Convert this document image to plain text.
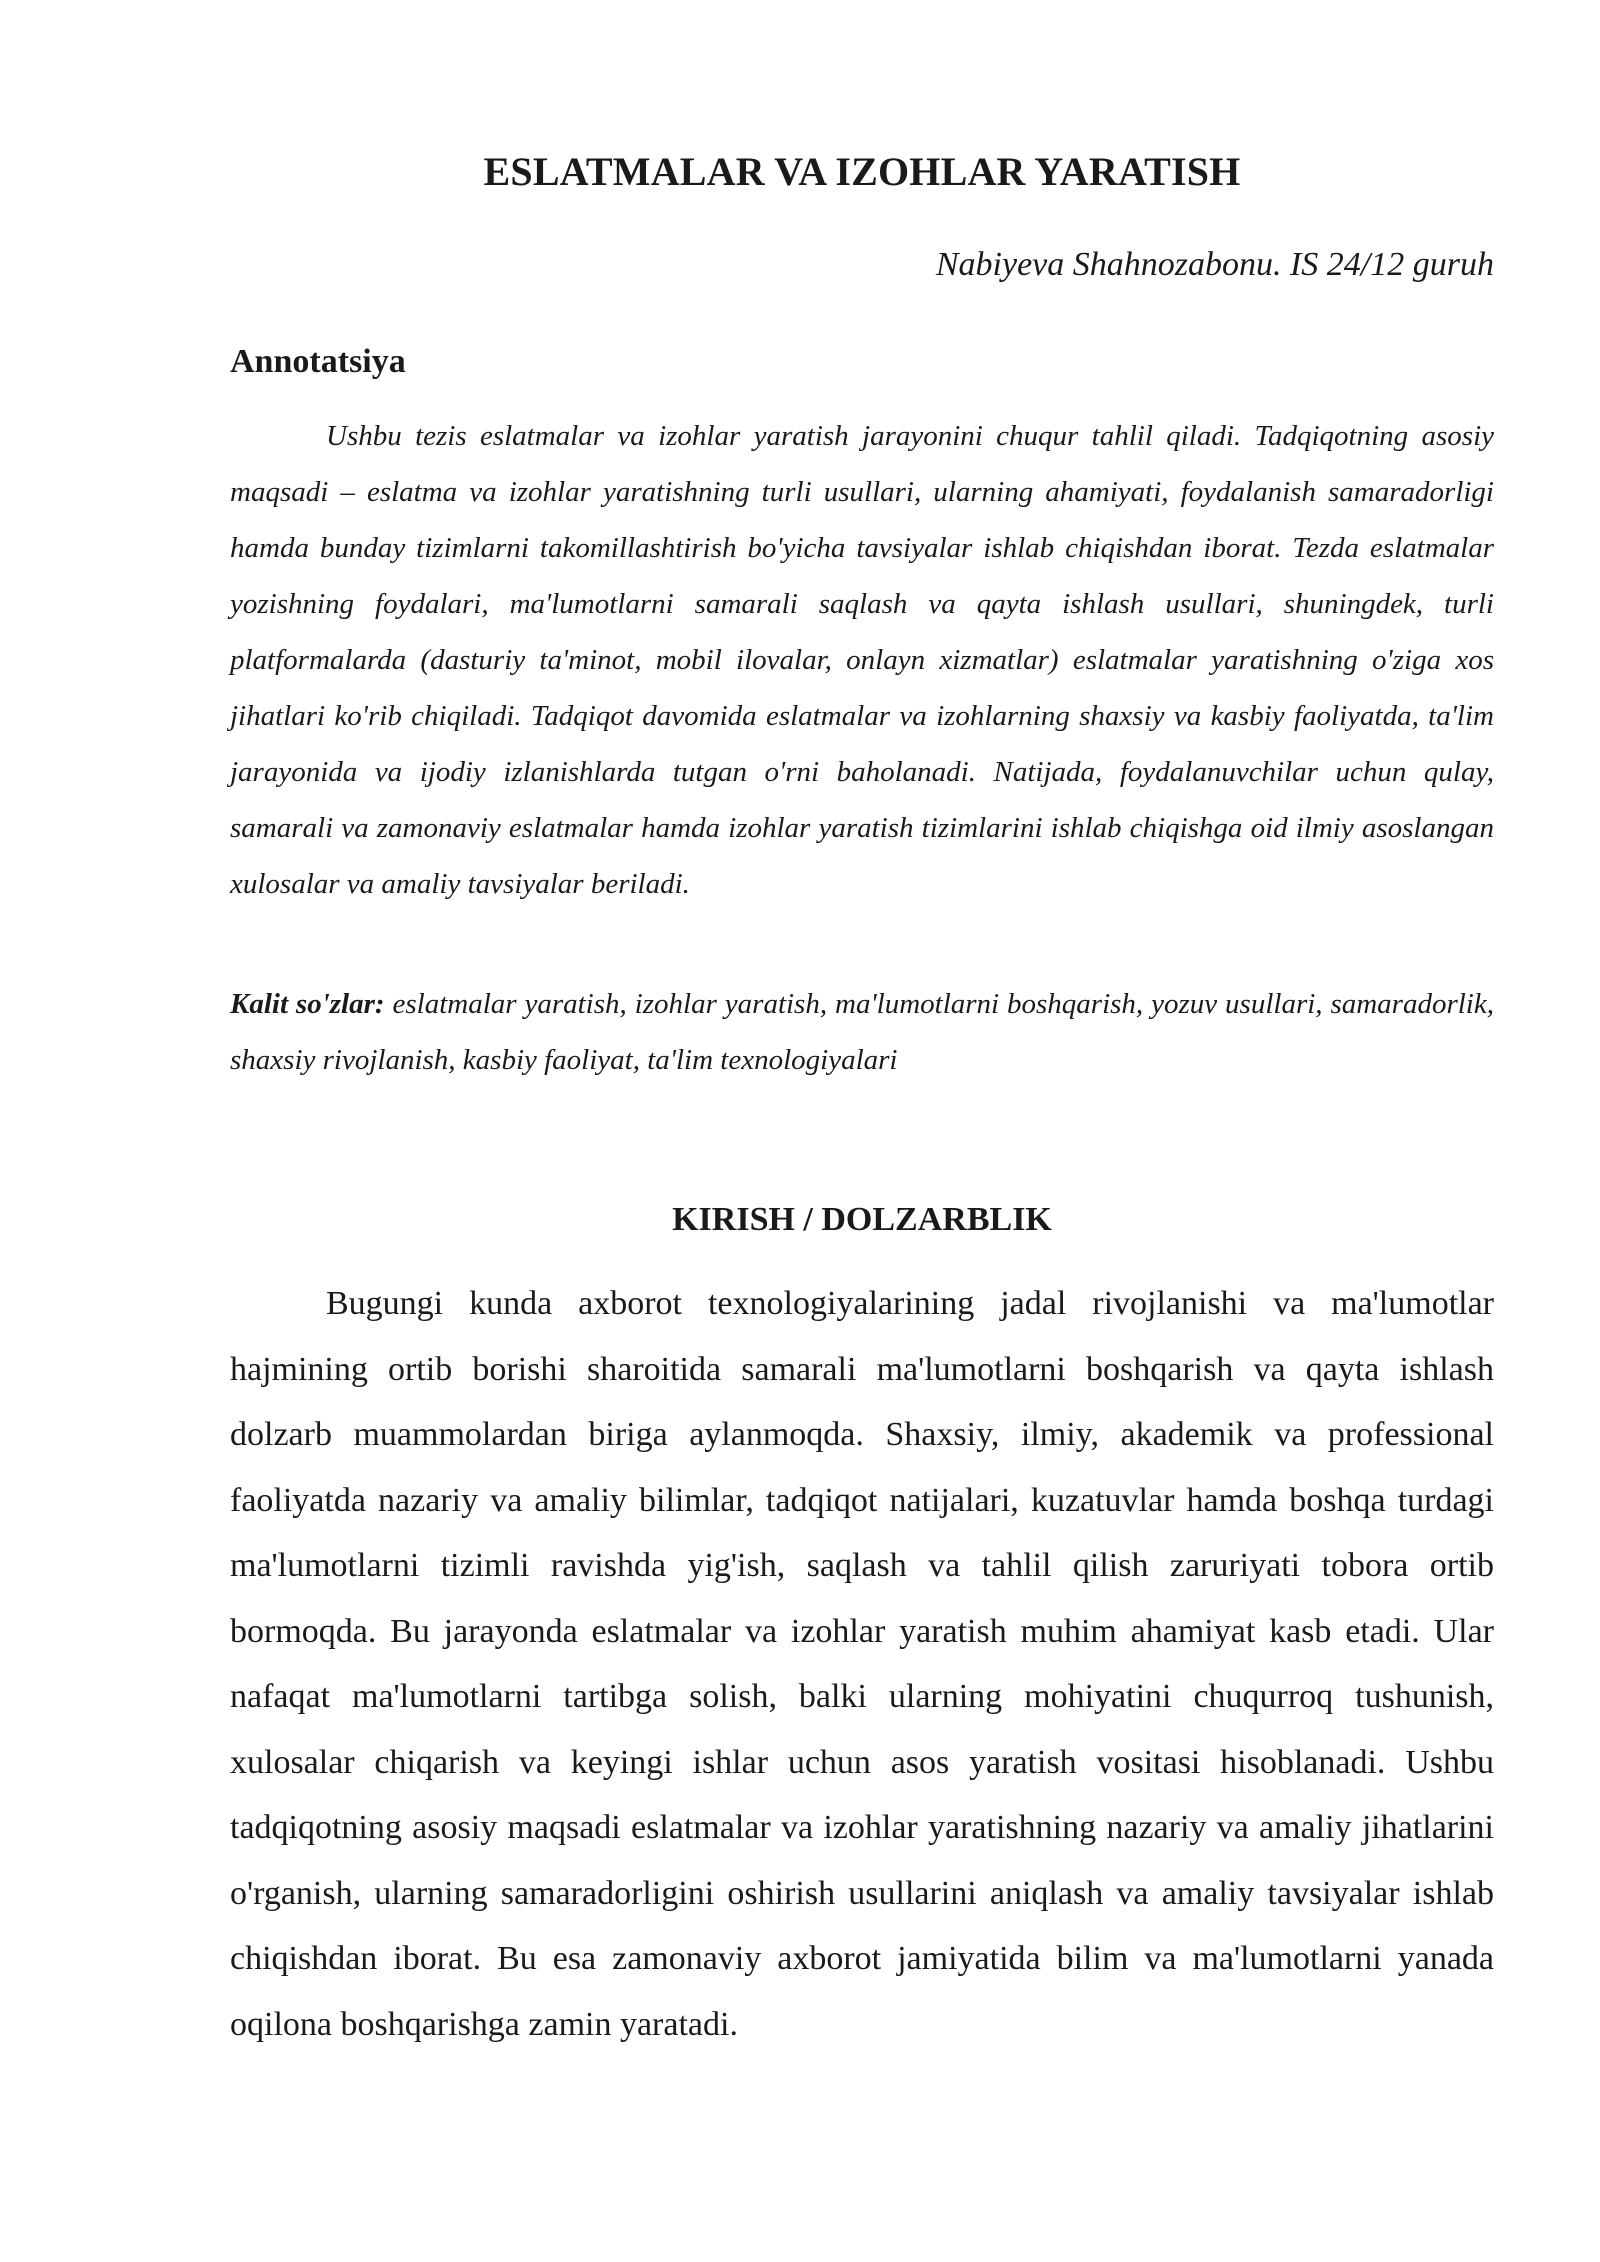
ESLATMALAR VA IZOHLAR YARATISH

Nabiyeva Shahnozabonu. IS 24/12 guruh

Annotatsiya

Ushbu tezis eslatmalar va izohlar yaratish jarayonini chuqur tahlil qiladi. Tadqiqotning asosiy maqsadi – eslatma va izohlar yaratishning turli usullari, ularning ahamiyati, foydalanish samaradorligi hamda bunday tizimlarni takomillashtirish bo'yicha tavsiyalar ishlab chiqishdan iborat. Tezda eslatmalar yozishning foydalari, ma'lumotlarni samarali saqlash va qayta ishlash usullari, shuningdek, turli platformalarda (dasturiy ta'minot, mobil ilovalar, onlayn xizmatlar) eslatmalar yaratishning o'ziga xos jihatlari ko'rib chiqiladi. Tadqiqot davomida eslatmalar va izohlarning shaxsiy va kasbiy faoliyatda, ta'lim jarayonida va ijodiy izlanishlarda tutgan o'rni baholanadi. Natijada, foydalanuvchilar uchun qulay, samarali va zamonaviy eslatmalar hamda izohlar yaratish tizimlarini ishlab chiqishga oid ilmiy asoslangan xulosalar va amaliy tavsiyalar beriladi.

Kalit so'zlar: eslatmalar yaratish, izohlar yaratish, ma'lumotlarni boshqarish, yozuv usullari, samaradorlik, shaxsiy rivojlanish, kasbiy faoliyat, ta'lim texnologiyalari

KIRISH / DOLZARBLIK

Bugungi kunda axborot texnologiyalarining jadal rivojlanishi va ma'lumotlar hajmining ortib borishi sharoitida samarali ma'lumotlarni boshqarish va qayta ishlash dolzarb muammolardan biriga aylanmoqda. Shaxsiy, ilmiy, akademik va professional faoliyatda nazariy va amaliy bilimlar, tadqiqot natijalari, kuzatuvlar hamda boshqa turdagi ma'lumotlarni tizimli ravishda yig'ish, saqlash va tahlil qilish zaruriyati tobora ortib bormoqda. Bu jarayonda eslatmalar va izohlar yaratish muhim ahamiyat kasb etadi. Ular nafaqat ma'lumotlarni tartibga solish, balki ularning mohiyatini chuqurroq tushunish, xulosalar chiqarish va keyingi ishlar uchun asos yaratish vositasi hisoblanadi. Ushbu tadqiqotning asosiy maqsadi eslatmalar va izohlar yaratishning nazariy va amaliy jihatlarini o'rganish, ularning samaradorligini oshirish usullarini aniqlash va amaliy tavsiyalar ishlab chiqishdan iborat. Bu esa zamonaviy axborot jamiyatida bilim va ma'lumotlarni yanada oqilona boshqarishga zamin yaratadi.
